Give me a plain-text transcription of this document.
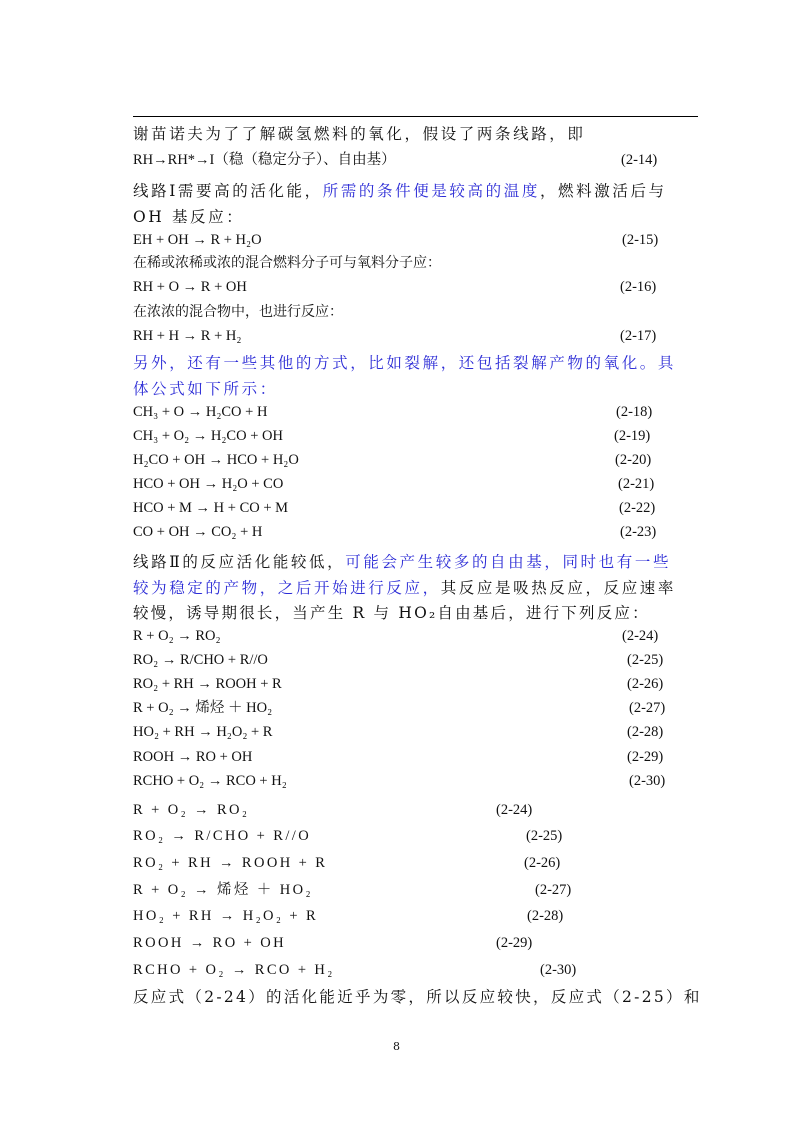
谢苗诺夫为了了解碳氢燃料的氧化，假设了两条线路，即
RH→RH*→I（稳（稳定分子）、自由基）	(2-14)
线路Ⅰ需要高的活化能，所需的条件便是较高的温度，燃料激活后与
OH 基反应：
EH + OH → R + H₂O	(2-15)
在稀或浓稀或浓的混合燃料分子可与氧料分子应：
RH + O → R + OH	(2-16)
在浓浓的混合物中，也进行反应：
RH + H → R + H₂	(2-17)
另外，还有一些其他的方式，比如裂解，还包括裂解产物的氧化。具
体公式如下所示：
CH₃ + O → H₂CO + H	(2-18)
CH₃ + O₂ → H₂CO + OH	(2-19)
H₂CO + OH → HCO + H₂O	(2-20)
HCO + OH → H₂O + CO	(2-21)
HCO + M → H + CO + M	(2-22)
CO + OH → CO₂ + H	(2-23)
线路Ⅱ的反应活化能较低，可能会产生较多的自由基，同时也有一些
较为稳定的产物，之后开始进行反应，其反应是吸热反应，反应速率
较慢，诱导期很长，当产生 R 与 HO₂自由基后，进行下列反应：
R + O₂ → RO₂	(2-24)
RO₂ → R/CHO + R//O	(2-25)
RO₂ + RH → ROOH + R	(2-26)
R + O₂ → 烯烃 ＋ HO₂	(2-27)
HO₂ + RH → H₂O₂ + R	(2-28)
ROOH → RO + OH	(2-29)
RCHO + O₂ → RCO + H₂	(2-30)
R + O₂ → RO₂	(2-24)
RO₂ → R/CHO + R//O	(2-25)
RO₂ + RH → ROOH + R	(2-26)
R + O₂ → 烯烃 ＋ HO₂	(2-27)
HO₂ + RH → H₂O₂ + R	(2-28)
ROOH → RO + OH	(2-29)
RCHO + O₂ → RCO + H₂	(2-30)
反应式（2-24）的活化能近乎为零，所以反应较快，反应式（2-25）和
8
